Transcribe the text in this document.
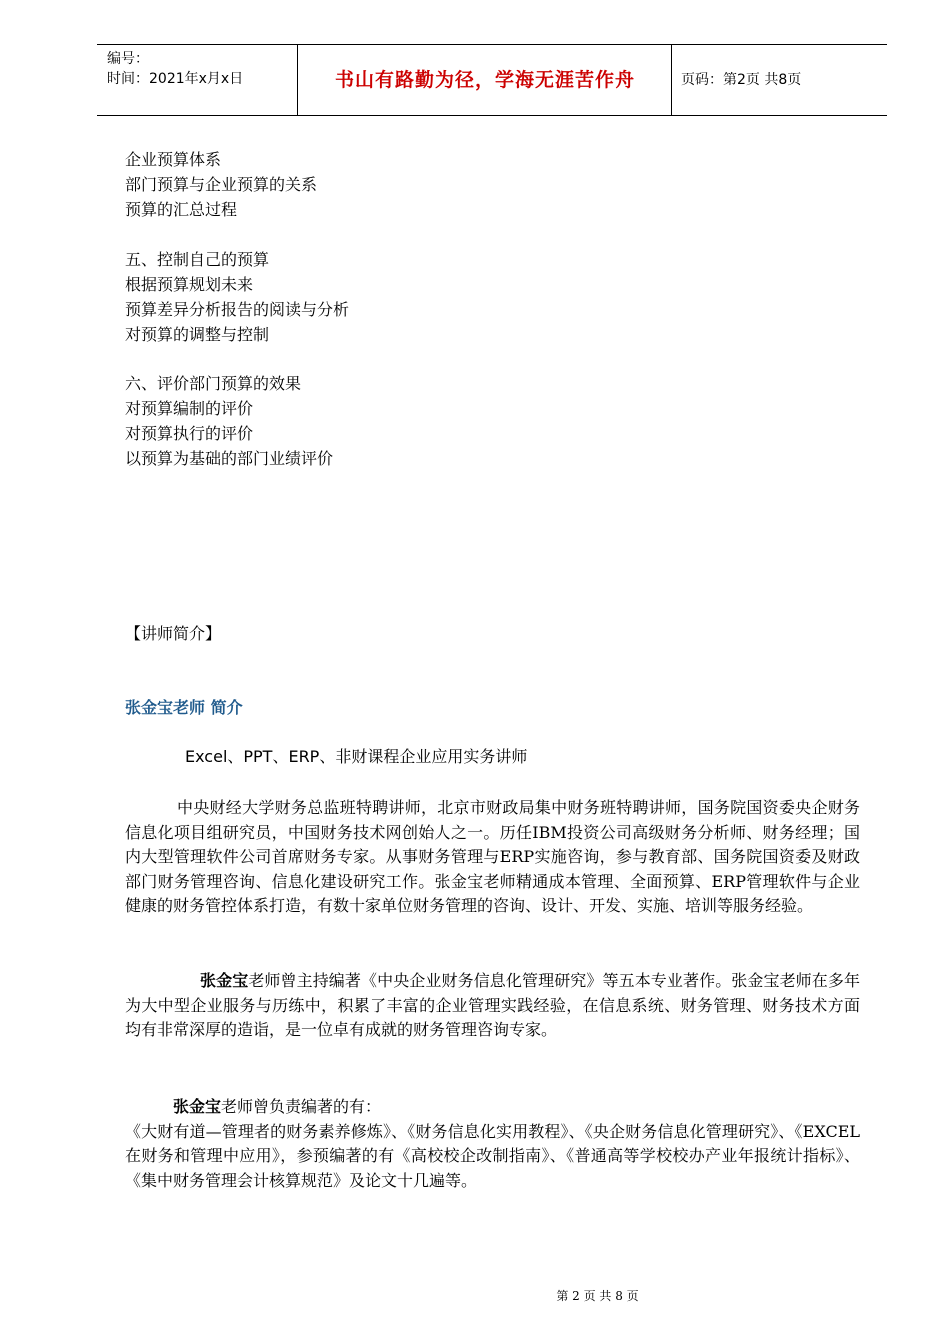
编号：
时间：2021年x月x日	书山有路勤为径，学海无涯苦作舟	页码：第2页 共8页
企业预算体系
部门预算与企业预算的关系
预算的汇总过程
五、控制自己的预算
根据预算规划未来
预算差异分析报告的阅读与分析
对预算的调整与控制
六、评价部门预算的效果
对预算编制的评价
对预算执行的评价
以预算为基础的部门业绩评价
【讲师简介】
张金宝老师 简介
Excel、PPT、ERP、非财课程企业应用实务讲师
中央财经大学财务总监班特聘讲师，北京市财政局集中财务班特聘讲师，国务院国资委央企财务信息化项目组研究员，中国财务技术网创始人之一。历任IBM投资公司高级财务分析师、财务经理；国内大型管理软件公司首席财务专家。从事财务管理与ERP实施咨询，参与教育部、国务院国资委及财政部门财务管理咨询、信息化建设研究工作。张金宝老师精通成本管理、全面预算、ERP管理软件与企业健康的财务管控体系打造，有数十家单位财务管理的咨询、设计、开发、实施、培训等服务经验。
张金宝老师曾主持编著《中央企业财务信息化管理研究》等五本专业著作。张金宝老师在多年为大中型企业服务与历练中，积累了丰富的企业管理实践经验，在信息系统、财务管理、财务技术方面均有非常深厚的造诣，是一位卓有成就的财务管理咨询专家。
张金宝老师曾负责编著的有：
《大财有道—管理者的财务素养修炼》、《财务信息化实用教程》、《央企财务信息化管理研究》、《EXCEL在财务和管理中应用》，参预编著的有《高校校企改制指南》、《普通高等学校校办产业年报统计指标》、《集中财务管理会计核算规范》及论文十几遍等。
第 2 页 共 8 页
